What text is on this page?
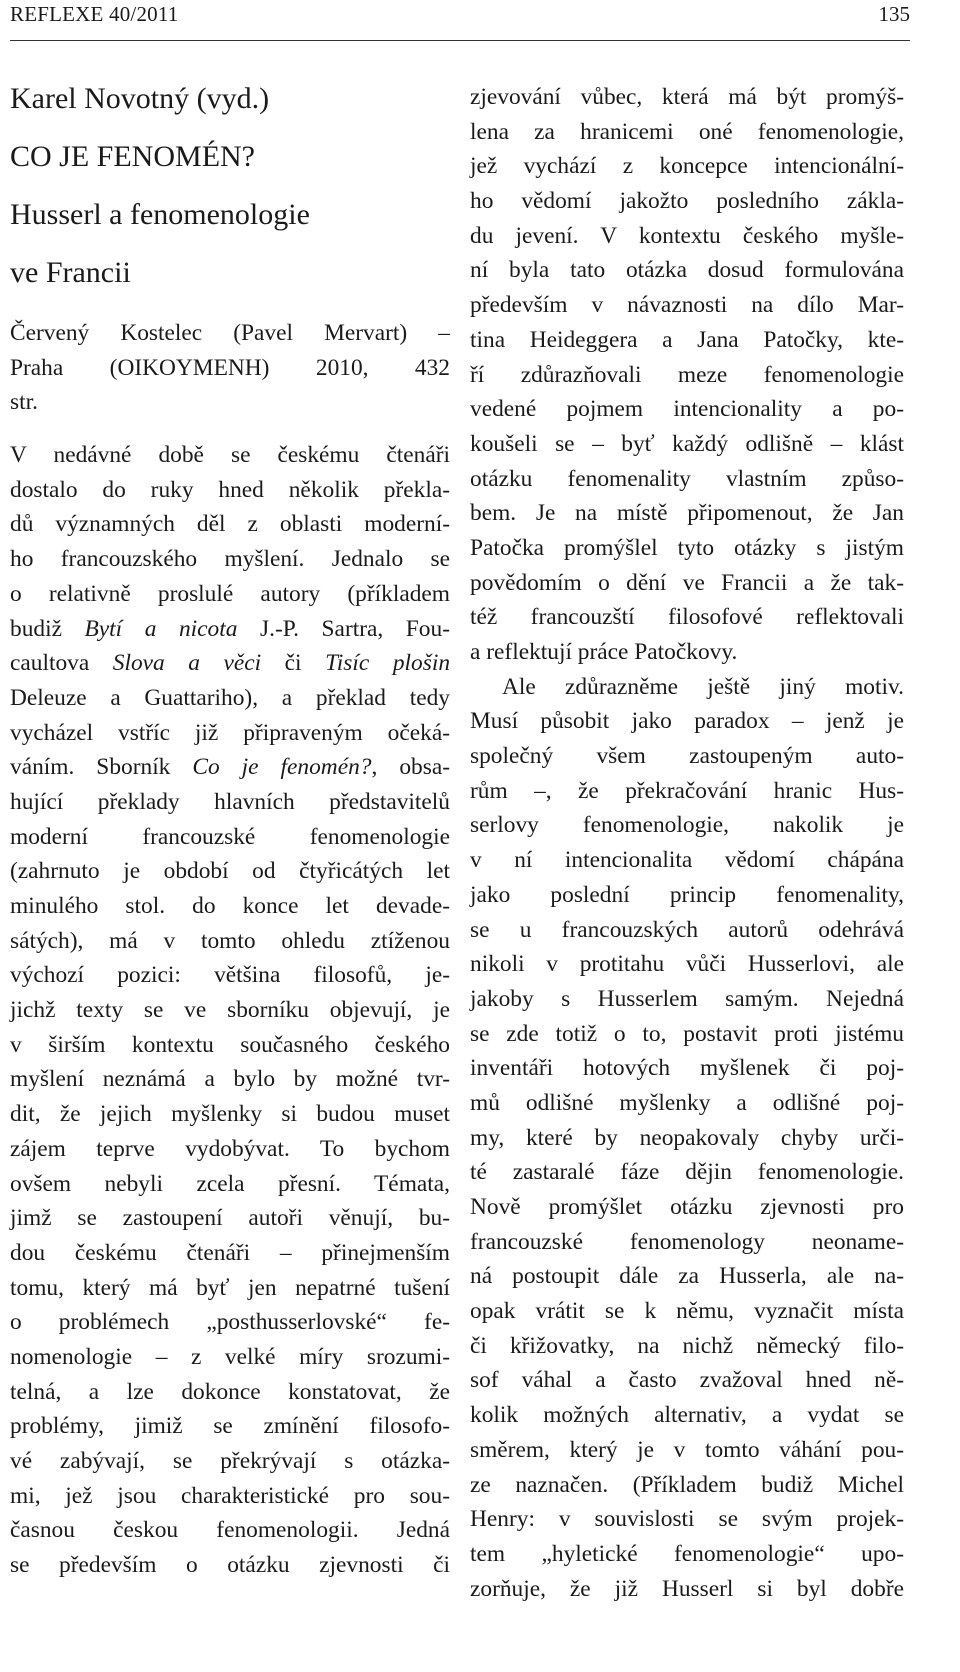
REFLEXE 40/2011	135
Karel Novotný (vyd.)
CO JE FENOMÉN?
Husserl a fenomenologie
ve Francii
Červený Kostelec (Pavel Mervart) –
Praha (OIKOYMENH) 2010, 432
str.
V nedávné době se českému čtenáři
dostalo do ruky hned několik překla-
dů významných děl z oblasti moderní-
ho francouzského myšlení. Jednalo se
o relativně proslulé autory (příkladem
budiž Bytí a nicota J.-P. Sartra, Fou-
caultova Slova a věci či Tisíc plošin
Deleuze a Guattariho), a překlad tedy
vycházel vstříc již připraveným očeká-
váním. Sborník Co je fenomén?, obsa-
hující překlady hlavních představitelů
moderní francouzské fenomenologie
(zahrnuto je období od čtyřicátých let
minulého stol. do konce let devade-
sátých), má v tomto ohledu ztíženou
výchozí pozici: většina filosofů, je-
jichž texty se ve sborníku objevují, je
v širším kontextu současného českého
myšlení neznámá a bylo by možné tvr-
dit, že jejich myšlenky si budou muset
zájem teprve vydobývat. To bychom
ovšem nebyli zcela přesní. Témata,
jimž se zastoupení autoři věnují, bu-
dou českému čtenáři – přinejmenším
tomu, který má byť jen nepatrné tušení
o problémech „posthusserlovské“ fe-
nomenologie – z velké míry srozumi-
telná, a lze dokonce konstatovat, že
problémy, jimiž se zmínění filosofo-
vé zabývají, se překrývají s otázka-
mi, jež jsou charakteristické pro sou-
časnou českou fenomenologii. Jedná
se především o otázku zjevnosti či
zjevování vůbec, která má být promýš-
lena za hranicemi oné fenomenologie,
jež vychází z koncepce intencionální-
ho vědomí jakožto posledního zákla-
du jevení. V kontextu českého myšle-
ní byla tato otázka dosud formulována
především v návaznosti na dílo Mar-
tina Heideggera a Jana Patočky, kte-
ří zdůrazňovali meze fenomenologie
vedené pojmem intencionality a po-
koušeli se – byť každý odlišně – klást
otázku fenomenality vlastním způso-
bem. Je na místě připomenout, že Jan
Patočka promýšlel tyto otázky s jistým
povědomím o dění ve Francii a že tak-
též francouzští filosofové reflektovali
a reflektují práce Patočkovy.
Ale zdůrazněme ještě jiný motiv.
Musí působit jako paradox – jenž je
společný všem zastoupeným auto-
rům –, že překračování hranic Hus-
serlovy fenomenologie, nakolik je
v ní intencionalita vědomí chápána
jako poslední princip fenomenality,
se u francouzských autorů odehrává
nikoli v protitahu vůči Husserlovi, ale
jakoby s Husserlem samým. Nejedná
se zde totiž o to, postavit proti jistému
inventáři hotových myšlenek či poj-
mů odlišné myšlenky a odlišné poj-
my, které by neopakovaly chyby urči-
té zastaralé fáze dějin fenomenologie.
Nově promýšlet otázku zjevnosti pro
francouzské fenomenology neoname-
ná postoupit dále za Husserla, ale na-
opak vrátit se k němu, vyznačit místa
či křižovatky, na nichž německý filo-
sof váhal a často zvažoval hned ně-
kolik možných alternativ, a vydat se
směrem, který je v tomto váhání pou-
ze naznačen. (Příkladem budiž Michel
Henry: v souvislosti se svým projek-
tem „hyletické fenomenologie“ upo-
zorňuje, že již Husserl si byl dobře
